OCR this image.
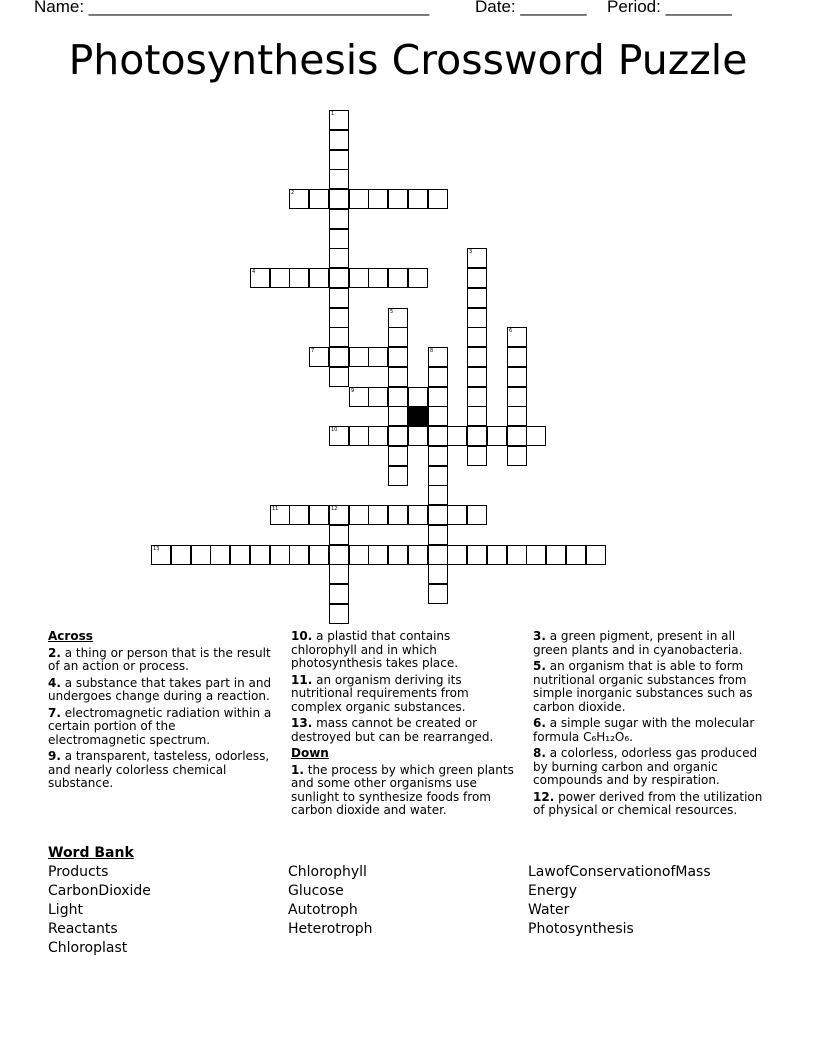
Name: ____________________________________	Date: _______ Period: _______
Photosynthesis Crossword Puzzle
1
2
3
4
5
6
7	8
9
10
11	12
13
Across
2. a thing or person that is the result of an action or process.
4. a substance that takes part in and undergoes change during a reaction.
7. electromagnetic radiation within a certain portion of the electromagnetic spectrum.
9. a transparent, tasteless, odorless, and nearly colorless chemical substance.
10. a plastid that contains chlorophyll and in which photosynthesis takes place.
11. an organism deriving its nutritional requirements from complex organic substances.
13. mass cannot be created or destroyed but can be rearranged.
Down
1. the process by which green plants and some other organisms use sunlight to synthesize foods from carbon dioxide and water.
3. a green pigment, present in all green plants and in cyanobacteria.
5. an organism that is able to form nutritional organic substances from simple inorganic substances such as carbon dioxide.
6. a simple sugar with the molecular formula C₆H₁₂O₆.
8. a colorless, odorless gas produced by burning carbon and organic compounds and by respiration.
12. power derived from the utilization of physical or chemical resources.
Word Bank
Products
CarbonDioxide
Light
Reactants
Chloroplast
Chlorophyll
Glucose
Autotroph
Heterotroph
LawofConservationofMass
Energy
Water
Photosynthesis
